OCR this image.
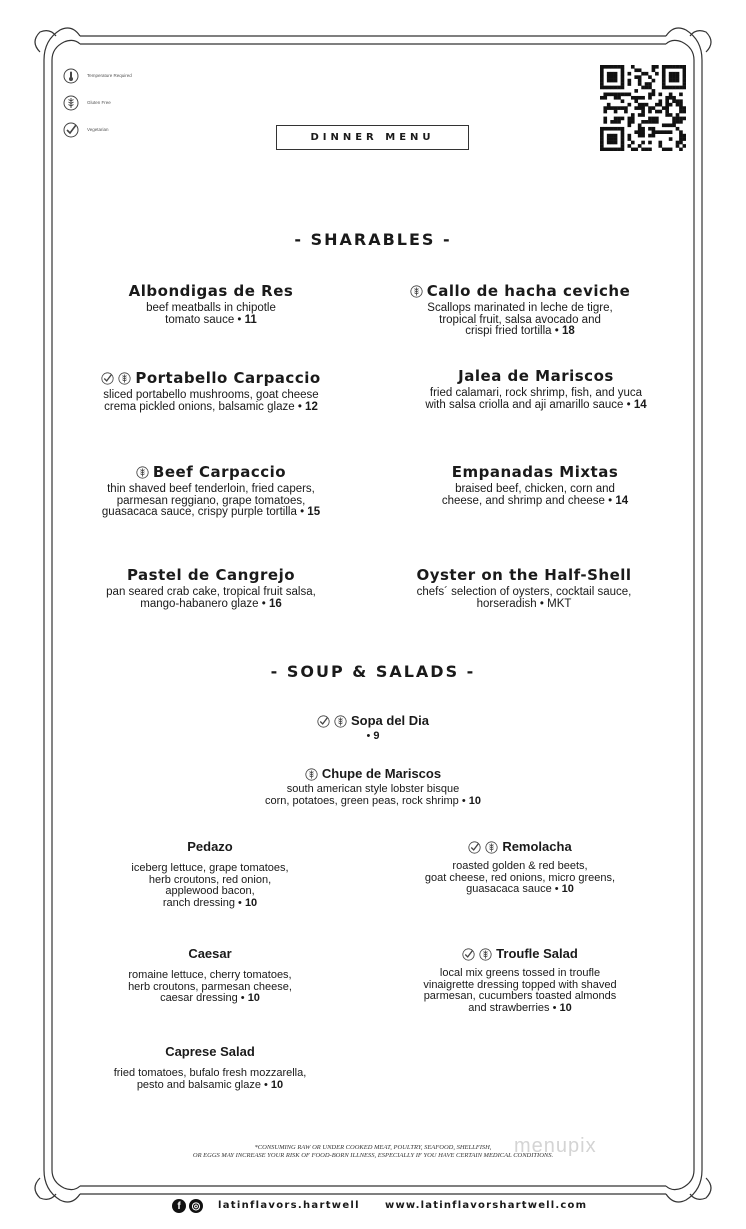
Temperature Required
Gluten Free
Vegetarian
DINNER MENU
- SHARABLES -
Albondigas de Res
beef meatballs in chipotle
tomato sauce • 11
Callo de hacha ceviche
Scallops marinated in leche de tigre,
tropical fruit, salsa avocado and
crispi fried tortilla • 18
Portabello Carpaccio
sliced portabello mushrooms, goat cheese
crema pickled onions, balsamic glaze • 12
Jalea de Mariscos
fried calamari, rock shrimp, fish, and yuca
with salsa criolla and aji amarillo sauce • 14
Beef Carpaccio
thin shaved beef tenderloin, fried capers,
parmesan reggiano, grape tomatoes,
guasacaca sauce, crispy purple tortilla • 15
Empanadas Mixtas
braised beef, chicken, corn and
cheese, and shrimp and cheese • 14
Pastel de Cangrejo
pan seared crab cake, tropical fruit salsa,
mango-habanero glaze • 16
Oyster on the Half-Shell
chefs´ selection of oysters, cocktail sauce,
horseradish • MKT
- SOUP & SALADS -
Sopa del Dia
• 9
Chupe de Mariscos
south american style lobster bisque
corn, potatoes, green peas, rock shrimp • 10
Pedazo
iceberg lettuce, grape tomatoes,
herb croutons, red onion,
applewood bacon,
ranch dressing • 10
Remolacha
roasted golden & red beets,
goat cheese, red onions, micro greens,
guasacaca sauce • 10
Caesar
romaine lettuce, cherry tomatoes,
herb croutons, parmesan cheese,
caesar dressing • 10
Troufle Salad
local mix greens tossed in troufle
vinaigrette dressing topped with shaved
parmesan, cucumbers toasted almonds
and strawberries • 10
Caprese Salad
fried tomatoes, bufalo fresh mozzarella,
pesto and balsamic glaze • 10
menupix
*CONSUMING RAW OR UNDER COOKED MEAT, POULTRY, SEAFOOD, SHELLFISH,
OR EGGS MAY INCREASE YOUR RISK OF FOOD-BORN ILLNESS, ESPECIALLY IF YOU HAVE CERTAIN MEDICAL CONDITIONS.
f	◎ latinflavors.hartwell	www.latinflavorshartwell.com
